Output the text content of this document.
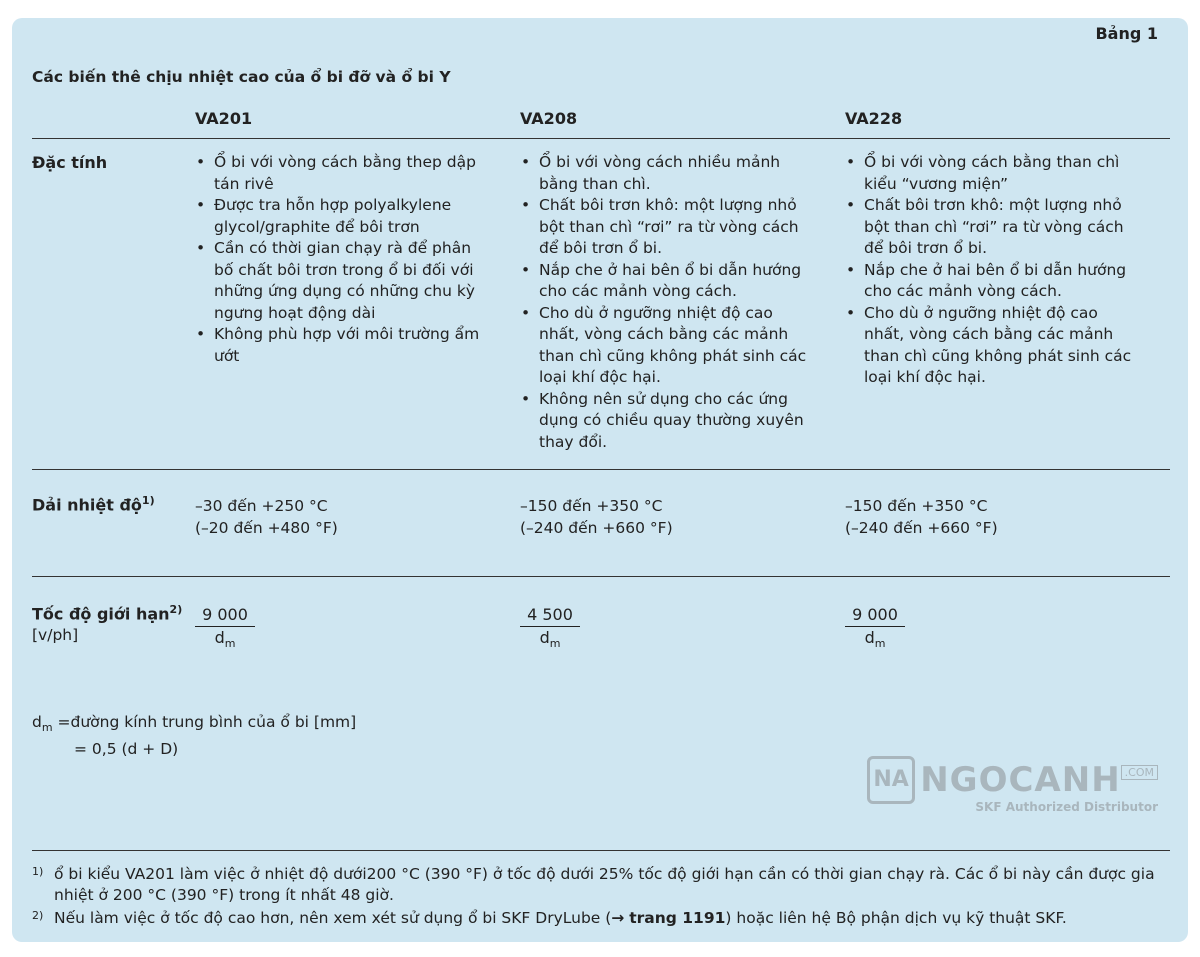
Bảng 1
Các biến thê chịu nhiệt cao của ổ bi đỡ và ổ bi Y
VA201	VA208	VA228
Đặc tính
•	Ổ bi với vòng cách bằng thep dập tán rivê
• Được tra hỗn hợp polyalkylene glycol/graphite để bôi trơn
• Cần có thời gian chạy rà để phân bố chất bôi trơn trong ổ bi đối với những ứng dụng có những chu kỳ ngưng hoạt động dài
• Không phù hợp với môi trường ẩm ướt
• Ổ bi với vòng cách nhiều mảnh bằng than chì.
• Chất bôi trơn khô: một lượng nhỏ bột than chì “rơi” ra từ vòng cách để bôi trơn ổ bi.
• Nắp che ở hai bên ổ bi dẫn hướng cho các mảnh vòng cách.
• Cho dù ở ngưỡng nhiệt độ cao nhất, vòng cách bằng các mảnh than chì cũng không phát sinh các loại khí độc hại.
• Không nên sử dụng cho các ứng dụng có chiều quay thường xuyên thay đổi.
• Ổ bi với vòng cách bằng than chì kiểu “vương miện”
• Chất bôi trơn khô: một lượng nhỏ bột than chì “rơi” ra từ vòng cách để bôi trơn ổ bi.
• Nắp che ở hai bên ổ bi dẫn hướng cho các mảnh vòng cách.
• Cho dù ở ngưỡng nhiệt độ cao nhất, vòng cách bằng các mảnh than chì cũng không phát sinh các loại khí độc hại.
Dải nhiệt độ$^{1)}$	–30 đến +250 °C
(–20 đến +480 °F)
–150 đến +350 °C
(–240 đến +660 °F)
–150 đến +350 °C
(–240 đến +660 °F)
Tốc độ giới hạn$^{2)}$
[v/ph]	$\frac{9 000}{d_m}$	$\frac{4 500}{d_m}$	$\frac{9 000}{d_m}$
$d_m$ =đường kính trung bình của ổ bi [mm]
= 0,5 (d + D)
NA NGOCANH $^{.COM}$
SKF Authorized Distributor
1) ổ bi kiểu VA201 làm việc ở nhiệt độ dưới200 °C (390 °F) ở tốc độ dưới 25% tốc độ giới hạn cần có thời gian chạy rà. Các ổ bi này cần được gia nhiệt ở 200 °C (390 °F) trong ít nhất 48 giờ.
2) Nếu làm việc ở tốc độ cao hơn, nên xem xét sử dụng ổ bi SKF DryLube (→ trang 1191) hoặc liên hệ Bộ phận dịch vụ kỹ thuật SKF.
